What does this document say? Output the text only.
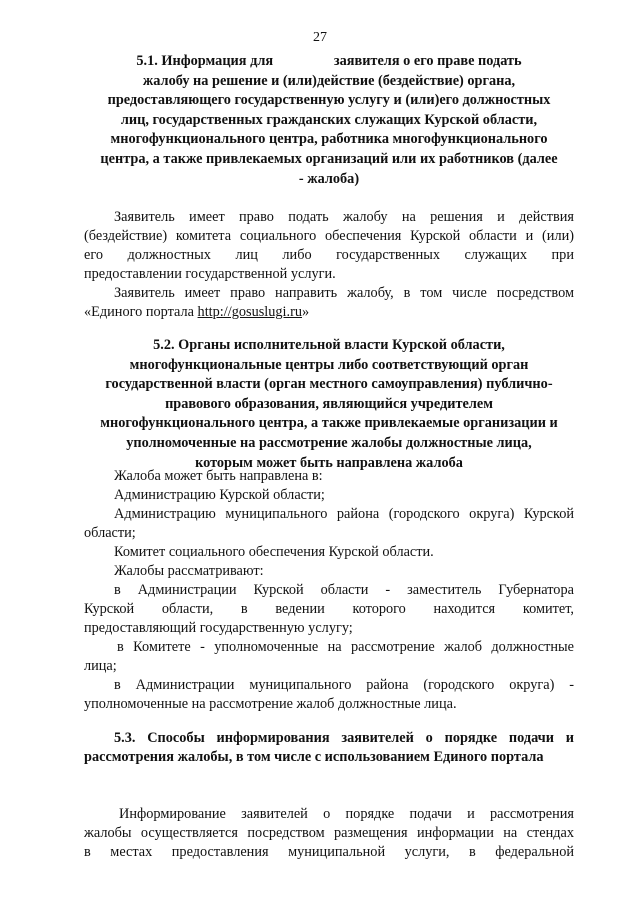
27
5.1. Информация для                 заявителя о его праве подать
жалобу на решение и (или)действие (бездействие) органа,
предоставляющего государственную услугу и (или)его должностных
лиц, государственных гражданских служащих Курской области,
многофункционального центра, работника многофункционального
центра, а также привлекаемых организаций или их работников (далее
- жалоба)
Заявитель имеет право подать жалобу на решения и действия
(бездействие) комитета социального обеспечения Курской области и (или)
его должностных лиц либо государственных служащих при
предоставлении государственной услуги.
Заявитель имеет право направить жалобу, в том числе посредством
«Единого портала http://gosuslugi.ru»
5.2. Органы исполнительной власти Курской области,
многофункциональные центры либо соответствующий орган
государственной власти (орган местного самоуправления) публично-
правового образования, являющийся учредителем
многофункционального центра, а также привлекаемые организации и
уполномоченные на рассмотрение жалобы должностные лица,
которым может быть направлена жалоба
Жалоба может быть направлена в:
Администрацию Курской области;
Администрацию муниципального района (городского округа) Курской
области;
Комитет социального обеспечения Курской области.
Жалобы рассматривают:
в Администрации Курской области - заместитель Губернатора
Курской области, в ведении которого находится комитет,
предоставляющий государственную услугу;
в Комитете - уполномоченные на рассмотрение жалоб должностные
лица;
в Администрации муниципального района (городского округа) -
уполномоченные на рассмотрение жалоб должностные лица.
5.3. Способы информирования заявителей о порядке подачи и
рассмотрения жалобы, в том числе с использованием Единого портала
Информирование заявителей о порядке подачи и рассмотрения
жалобы осуществляется посредством размещения информации на стендах
в местах предоставления муниципальной услуги, в федеральной
